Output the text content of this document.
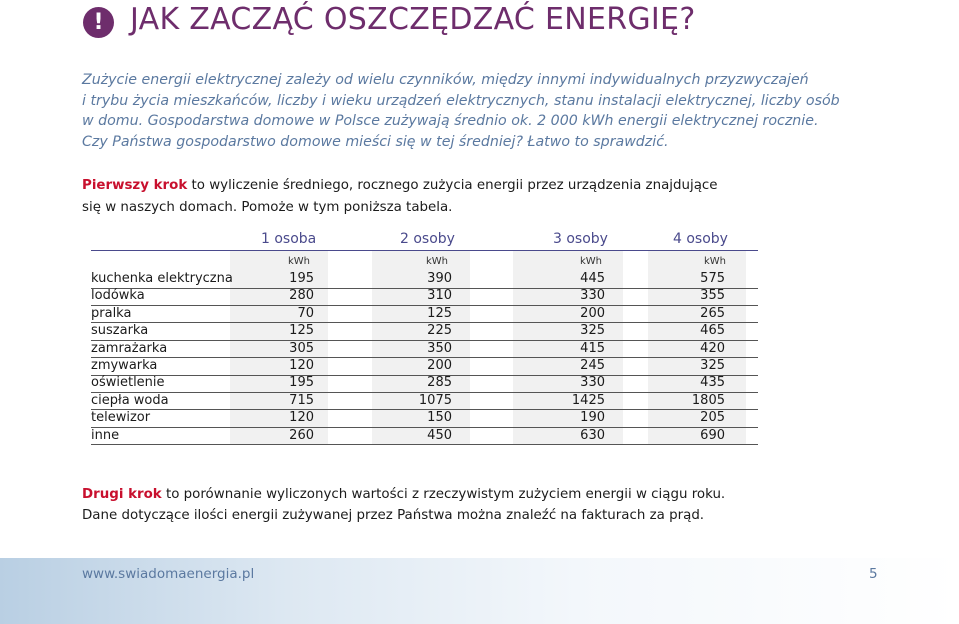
! JAK ZACZĄĆ OSZCZĘDZAĆ ENERGIĘ?
Zużycie energii elektrycznej zależy od wielu czynników, między innymi indywidualnych przyzwyczajeń
i trybu życia mieszkańców, liczby i wieku urządzeń elektrycznych, stanu instalacji elektrycznej, liczby osób
w domu. Gospodarstwa domowe w Polsce zużywają średnio ok. 2 000 kWh energii elektrycznej rocznie.
Czy Państwa gospodarstwo domowe mieści się w tej średniej? Łatwo to sprawdzić.
Pierwszy krok to wyliczenie średniego, rocznego zużycia energii przez urządzenia znajdujące
się w naszych domach. Pomoże w tym poniższa tabela.
1 osoba	2 osoby	3 osoby	4 osoby
kWh	kWh	kWh	kWh
kuchenka elektryczna	195	390	445	575
lodówka	280	310	330	355
pralka	70	125	200	265
suszarka	125	225	325	465
zamrażarka	305	350	415	420
zmywarka	120	200	245	325
oświetlenie	195	285	330	435
ciepła woda	715	1075	1425	1805
telewizor	120	150	190	205
inne	260	450	630	690
Drugi krok to porównanie wyliczonych wartości z rzeczywistym zużyciem energii w ciągu roku.
Dane dotyczące ilości energii zużywanej przez Państwa można znaleźć na fakturach za prąd.
www.swiadomaenergia.pl	5
